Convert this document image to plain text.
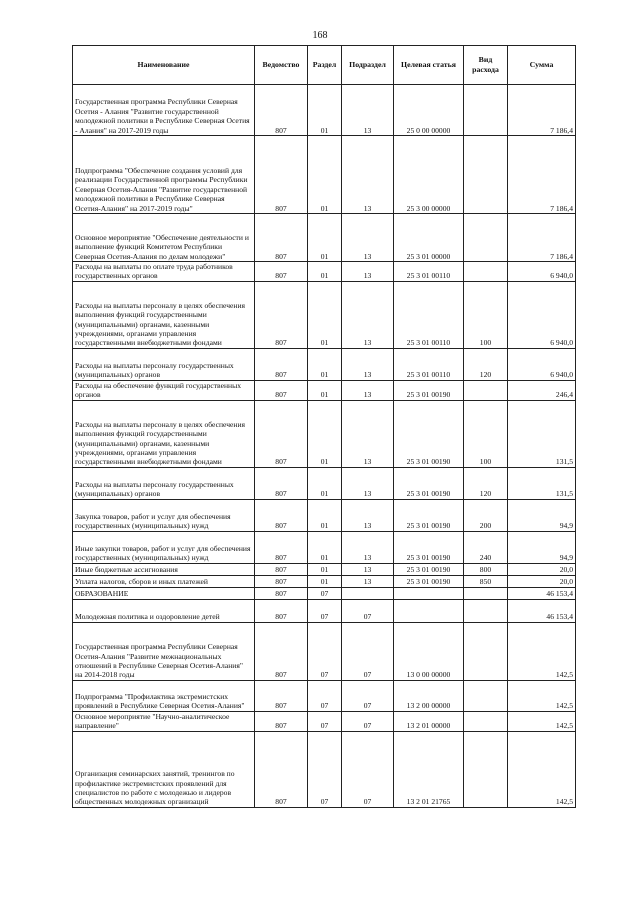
168
Наименование	Ведомство	Раздел	Подраздел	Целевая статья	Вид расхода	Сумма
Государственная программа Республики Северная Осетия - Алания "Развитие государственной молодежной политики в Республике Северная Осетия - Алания" на 2017-2019 годы	807	01	13	25 0 00 00000		7 186,4
Подпрограмма "Обеспечение создания условий для реализации Государственной программы Республики Северная Осетия-Алания "Развитие государственной молодежной политики в Республике Северная Осетия-Алания" на 2017-2019 годы"	807	01	13	25 3 00 00000		7 186,4
Основное мероприятие "Обеспечение деятельности и выполнение функций Комитетом Республики Северная Осетия-Алания по делам молодежи"	807	01	13	25 3 01 00000		7 186,4
Расходы на выплаты по оплате труда работников государственных органов	807	01	13	25 3 01 00110		6 940,0
Расходы на выплаты персоналу в целях обеспечения выполнения функций государственными (муниципальными) органами, казенными учреждениями, органами управления государственными внебюджетными фондами	807	01	13	25 3 01 00110	100	6 940,0
Расходы на выплаты персоналу государственных (муниципальных) органов	807	01	13	25 3 01 00110	120	6 940,0
Расходы на обеспечение функций государственных органов	807	01	13	25 3 01 00190		246,4
Расходы на выплаты персоналу в целях обеспечения выполнения функций государственными (муниципальными) органами, казенными учреждениями, органами управления государственными внебюджетными фондами	807	01	13	25 3 01 00190	100	131,5
Расходы на выплаты персоналу государственных (муниципальных) органов	807	01	13	25 3 01 00190	120	131,5
Закупка товаров, работ и услуг для обеспечения государственных (муниципальных) нужд	807	01	13	25 3 01 00190	200	94,9
Иные закупки товаров, работ и услуг для обеспечения государственных (муниципальных) нужд	807	01	13	25 3 01 00190	240	94,9
Иные бюджетные ассигнования	807	01	13	25 3 01 00190	800	20,0
Уплата налогов, сборов и иных платежей	807	01	13	25 3 01 00190	850	20,0
ОБРАЗОВАНИЕ	807	07				46 153,4
Молодежная политика и оздоровление детей	807	07	07			46 153,4
Государственная программа Республики Северная Осетия-Алания "Развитие межнациональных отношений в Республике Северная Осетия-Алания" на 2014-2018 годы	807	07	07	13 0 00 00000		142,5
Подпрограмма "Профилактика экстремистских проявлений в Республике Северная Осетия-Алания"	807	07	07	13 2 00 00000		142,5
Основное мероприятие "Научно-аналитическое направление"	807	07	07	13 2 01 00000		142,5
Организация семинарских занятий, тренингов по профилактике экстремистских проявлений для специалистов по работе с молодежью и лидеров общественных молодежных организаций	807	07	07	13 2 01 21765		142,5
